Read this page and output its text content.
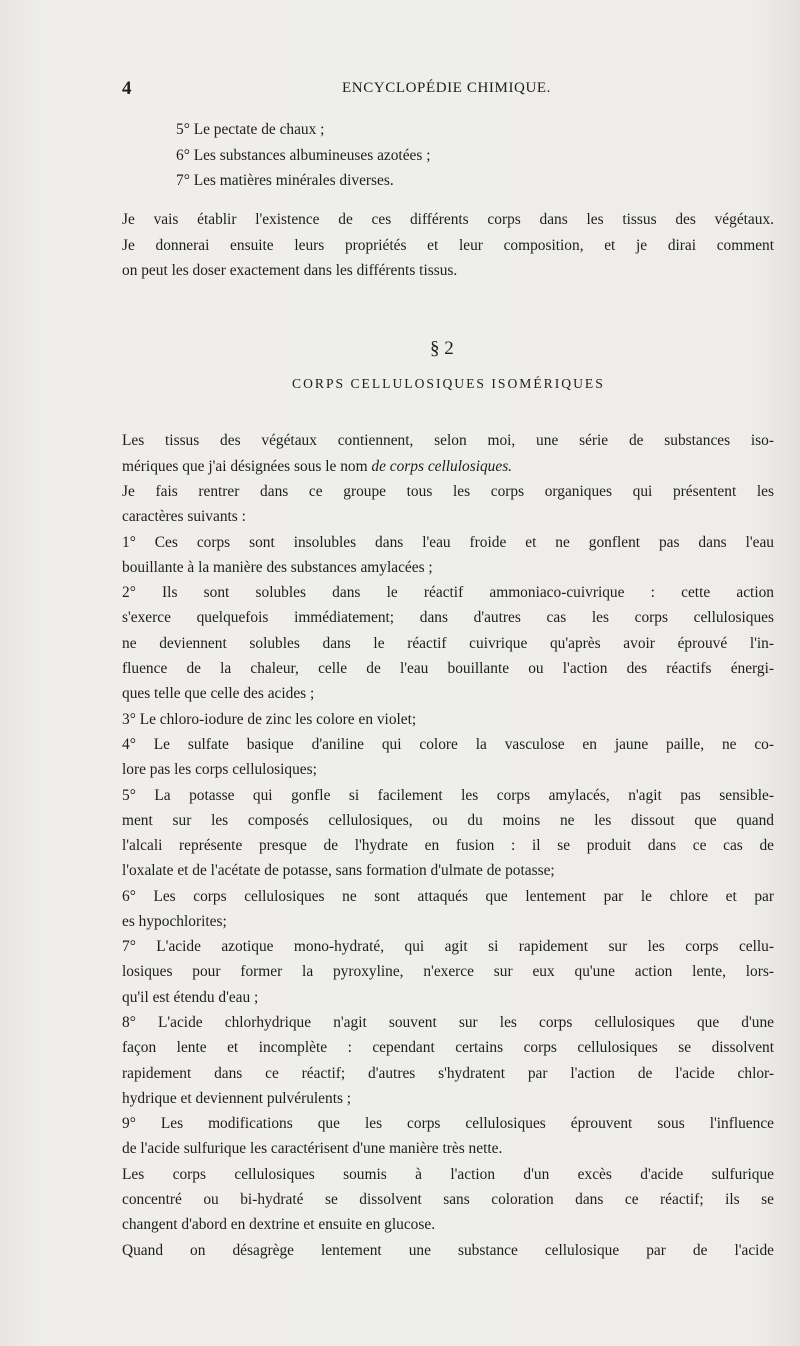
4	ENCYCLOPÉDIE CHIMIQUE.
5° Le pectate de chaux ;
6° Les substances albumineuses azotées ;
7° Les matières minérales diverses.
Je vais établir l'existence de ces différents corps dans les tissus des végétaux.
Je donnerai ensuite leurs propriétés et leur composition, et je dirai comment
on peut les doser exactement dans les différents tissus.
§ 2
CORPS CELLULOSIQUES ISOMÉRIQUES
Les tissus des végétaux contiennent, selon moi, une série de substances iso-
mériques que j'ai désignées sous le nom de corps cellulosiques.
Je fais rentrer dans ce groupe tous les corps organiques qui présentent les
caractères suivants :
1° Ces corps sont insolubles dans l'eau froide et ne gonflent pas dans l'eau
bouillante à la manière des substances amylacées ;
2° Ils sont solubles dans le réactif ammoniaco-cuivrique : cette action
s'exerce quelquefois immédiatement; dans d'autres cas les corps cellulosiques
ne deviennent solubles dans le réactif cuivrique qu'après avoir éprouvé l'in-
fluence de la chaleur, celle de l'eau bouillante ou l'action des réactifs énergi-
ques telle que celle des acides ;
3° Le chloro-iodure de zinc les colore en violet;
4° Le sulfate basique d'aniline qui colore la vasculose en jaune paille, ne co-
lore pas les corps cellulosiques;
5° La potasse qui gonfle si facilement les corps amylacés, n'agit pas sensible-
ment sur les composés cellulosiques, ou du moins ne les dissout que quand
l'alcali représente presque de l'hydrate en fusion : il se produit dans ce cas de
l'oxalate et de l'acétate de potasse, sans formation d'ulmate de potasse;
6° Les corps cellulosiques ne sont attaqués que lentement par le chlore et par
es hypochlorites;
7° L'acide azotique mono-hydraté, qui agit si rapidement sur les corps cellu-
losiques pour former la pyroxyline, n'exerce sur eux qu'une action lente, lors-
qu'il est étendu d'eau ;
8° L'acide chlorhydrique n'agit souvent sur les corps cellulosiques que d'une
façon lente et incomplète : cependant certains corps cellulosiques se dissolvent
rapidement dans ce réactif; d'autres s'hydratent par l'action de l'acide chlor-
hydrique et deviennent pulvérulents ;
9° Les modifications que les corps cellulosiques éprouvent sous l'influence
de l'acide sulfurique les caractérisent d'une manière très nette.
Les corps cellulosiques soumis à l'action d'un excès d'acide sulfurique
concentré ou bi-hydraté se dissolvent sans coloration dans ce réactif; ils se
changent d'abord en dextrine et ensuite en glucose.
Quand on désagrège lentement une substance cellulosique par de l'acide
